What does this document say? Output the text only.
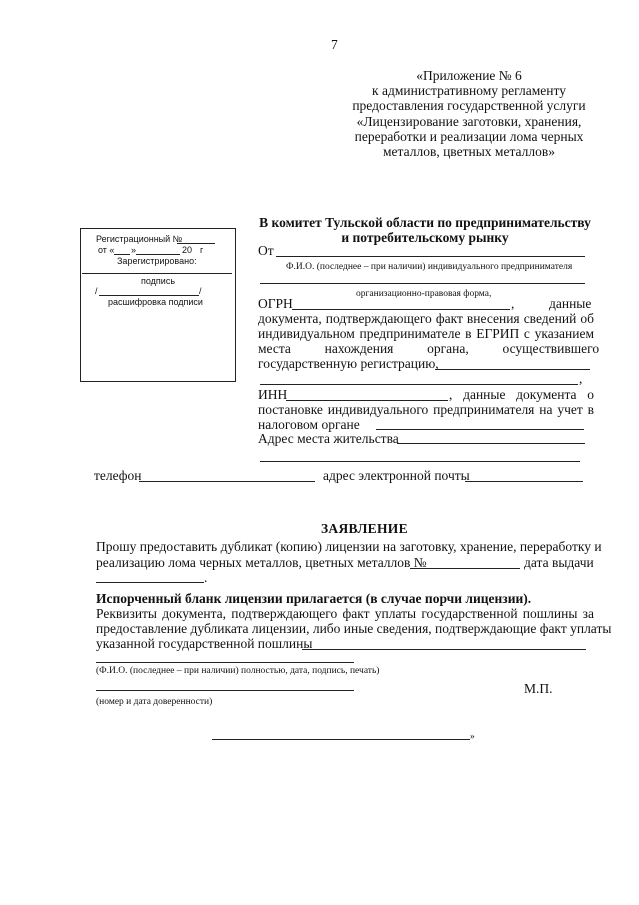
7
«Приложение № 6
к административному регламенту
предоставления государственной услуги
«Лицензирование заготовки, хранения,
переработки и реализации лома черных
металлов, цветных металлов»
Регистрационный №
от « »	20 г
Зарегистрировано:
подпись
/	/
расшифровка подписи
В комитет Тульской области по предпринимательству
и потребительскому рынку
От
Ф.И.О. (последнее – при наличии) индивидуального предпринимателя
организационно-правовая форма,
ОГРН	,	данные
документа, подтверждающего факт внесения сведений об
индивидуальном предпринимателе в ЕГРИП с указанием
места          нахождения          органа,          осуществившего
государственную регистрацию,
,
ИНН	, данные документа о
постановке индивидуального предпринимателя на учет в
налоговом органе
Адрес места жительства
телефон	адрес электронной почты
ЗАЯВЛЕНИЕ
Прошу предоставить дубликат (копию) лицензии на заготовку, хранение, переработку и
реализацию лома черных металлов, цветных металлов №	дата выдачи
.
Испорченный бланк лицензии прилагается (в случае порчи лицензии).
Реквизиты документа, подтверждающего факт уплаты государственной пошлины за
предоставление дубликата лицензии, либо иные сведения, подтверждающие факт уплаты
указанной государственной пошлины
(Ф.И.О. (последнее – при наличии) полностью, дата, подпись, печать)
М.П.
(номер и дата доверенности)
»
